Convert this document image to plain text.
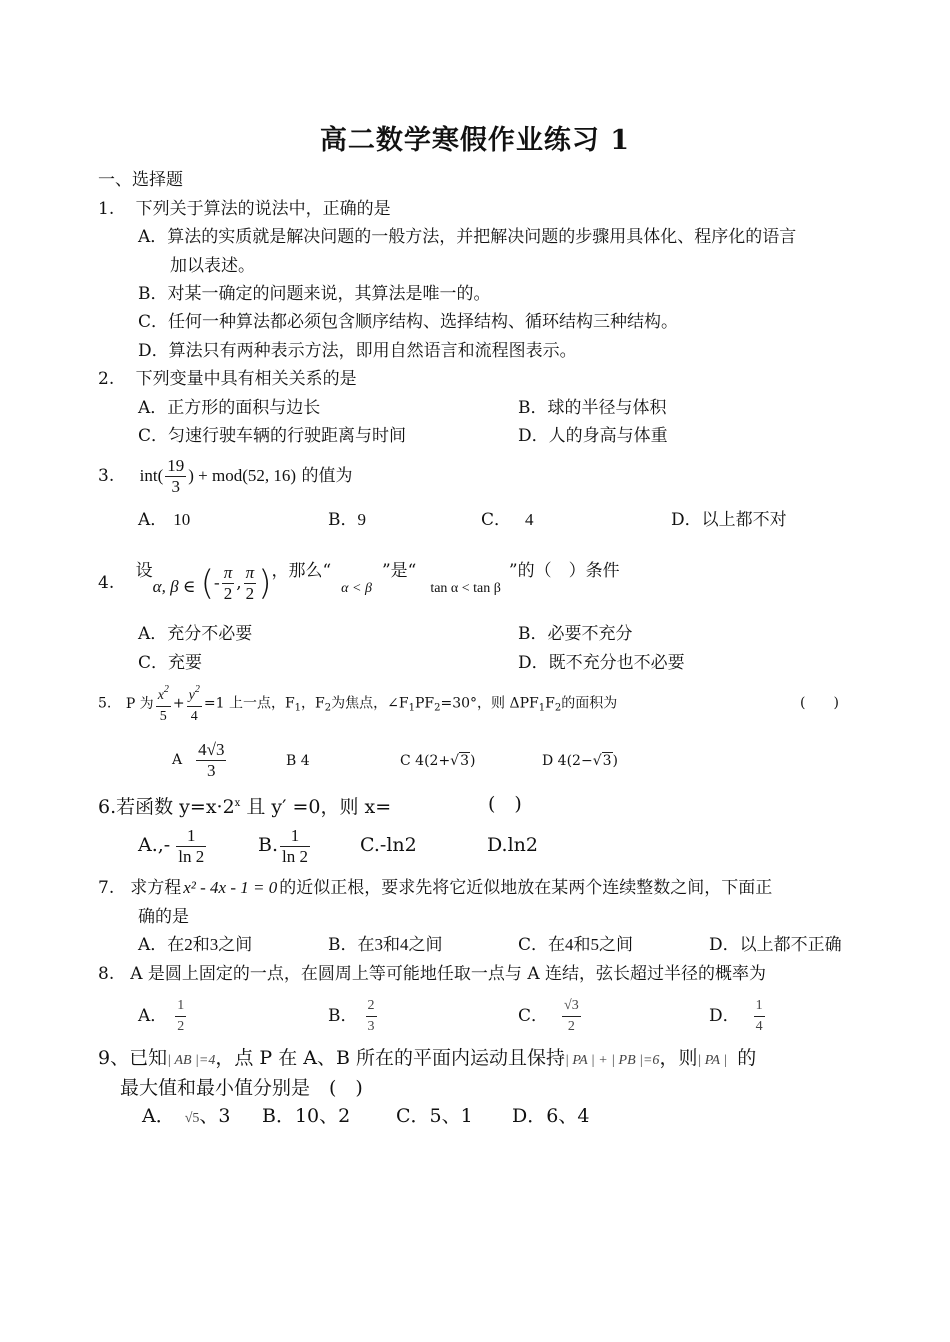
高二数学寒假作业练习 1
一、选择题
1. 下列关于算法的说法中，正确的是
A．算法的实质就是解决问题的一般方法，并把解决问题的步骤用具体化、程序化的语言
加以表述。
B．对某一确定的问题来说，其算法是唯一的。
C．任何一种算法都必须包含顺序结构、选择结构、循环结构三种结构。
D．算法只有两种表示方法，即用自然语言和流程图表示。
2. 下列变量中具有相关关系的是
A．正方形的面积与边长	B．球的半径与体积
C．匀速行驶车辆的行驶距离与时间	D．人的身高与体重
3. $int( \frac{19}{3}$ ) + mod(52, 16) 的值为
A． 10	B．9	C． 4	D．以上都不对
4. 设α, β ∈ (- $\frac{\pi}{2}$ , $\frac{\pi}{2}$ )，那么“$_{\alpha < \beta}$”是“$_{tan \alpha < tan \beta}$”的（　）条件
A．充分不必要	B．必要不充分
C．充要	D．既不充分也不必要
5. P 为 $\frac{x^2}{5} + \frac{y^2}{4} =1$ 上一点，$F_1$，$F_2$为焦点，$\angle F_1PF_2=30^\circ$，则 $\Delta PF_1F_2$的面积为	(　　)
A $\frac{4√3}{3}$	B 4	C 4(2+√3)	D 4(2−√3)
6.若函数 $y=x\cdot 2^x$ 且 y′ =0，则 x=	(　)
$A.,- \frac{1}{\ln 2}$	B. $\frac{1}{\ln 2}$	C.-ln2	D.ln2
7. 求方程 x² - 4x - 1 = 0 的近似正根，要求先将它近似地放在某两个连续整数之间，下面正
确的是
A．在2和3之间	B．在3和4之间	C．在4和5之间	D．以上都不正确
8. A 是圆上固定的一点，在圆周上等可能地任取一点与 A 连结，弦长超过半径的概率为
A． $\frac{1}{2}$	B． $\frac{2}{3}$	C． $\frac{√3}{2}$	D． $\frac{1}{4}$
9、已知| AB |=4，点 P 在 A、B 所在的平面内运动且保持| PA | + | PB |=6，则| PA | 的
最大值和最小值分别是　(　)
A． √5、3 B．10、2 C．5、1 D．6、4
